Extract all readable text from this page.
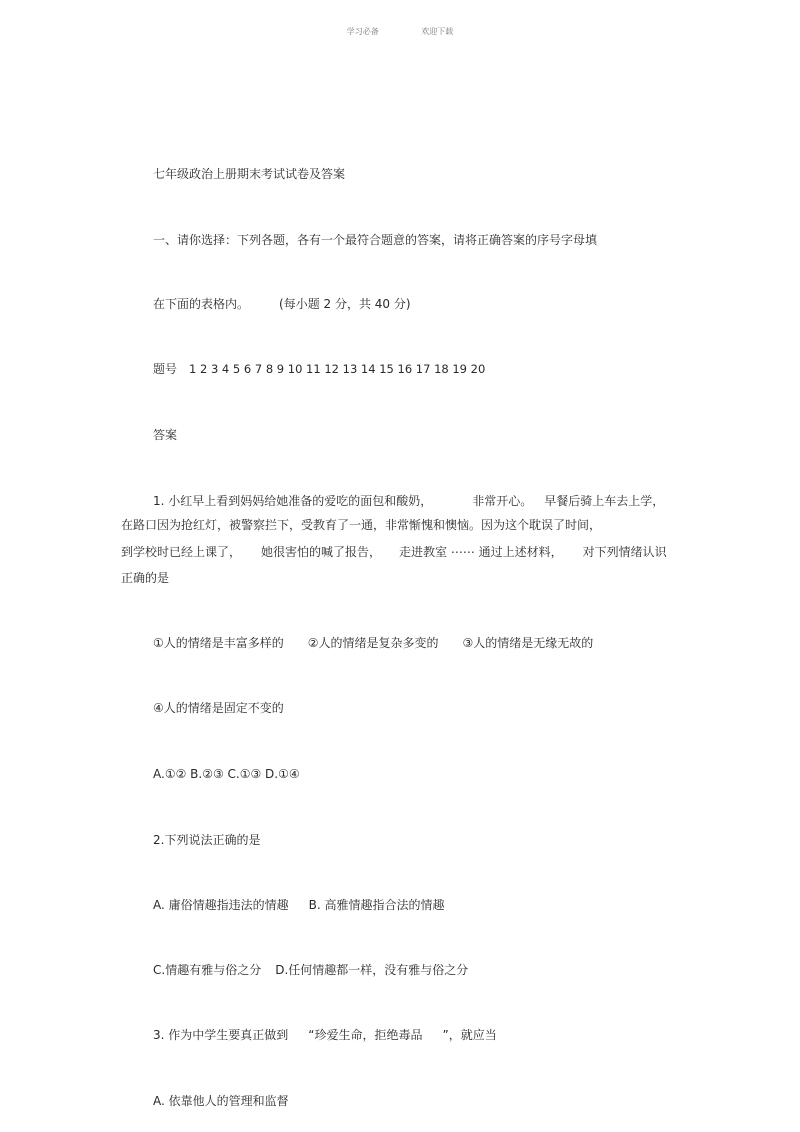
学习必备	欢迎下载
七年级政治上册期末考试试卷及答案
一、请你选择：下列各题，各有一个最符合题意的答案，请将正确答案的序号字母填
在下面的表格内。	(每小题 2 分，共 40 分)
题号 1 2 3 4 5 6 7 8 9 10 11 12 13 14 15 16 17 18 19 20
答案
1. 小红早上看到妈妈给她准备的爱吃的面包和酸奶，	非常开心。 早餐后骑上车去上学，
在路口因为抢红灯，被警察拦下，受教育了一通，非常惭愧和懊恼。因为这个耽误了时间，
到学校时已经上课了， 她很害怕的喊了报告， 走进教室 ⋯⋯ 通过上述材料， 对下列情绪认识
正确的是
①人的情绪是丰富多样的 ②人的情绪是复杂多变的 ③人的情绪是无缘无故的
④人的情绪是固定不变的
A.①② B.②③ C.①③ D.①④
2.下列说法正确的是
A. 庸俗情趣指违法的情趣 B. 高雅情趣指合法的情趣
C.情趣有雅与俗之分 D.任何情趣都一样，没有雅与俗之分
3. 作为中学生要真正做到 “珍爱生命，拒绝毒品 ”，就应当
A. 依靠他人的管理和监督
